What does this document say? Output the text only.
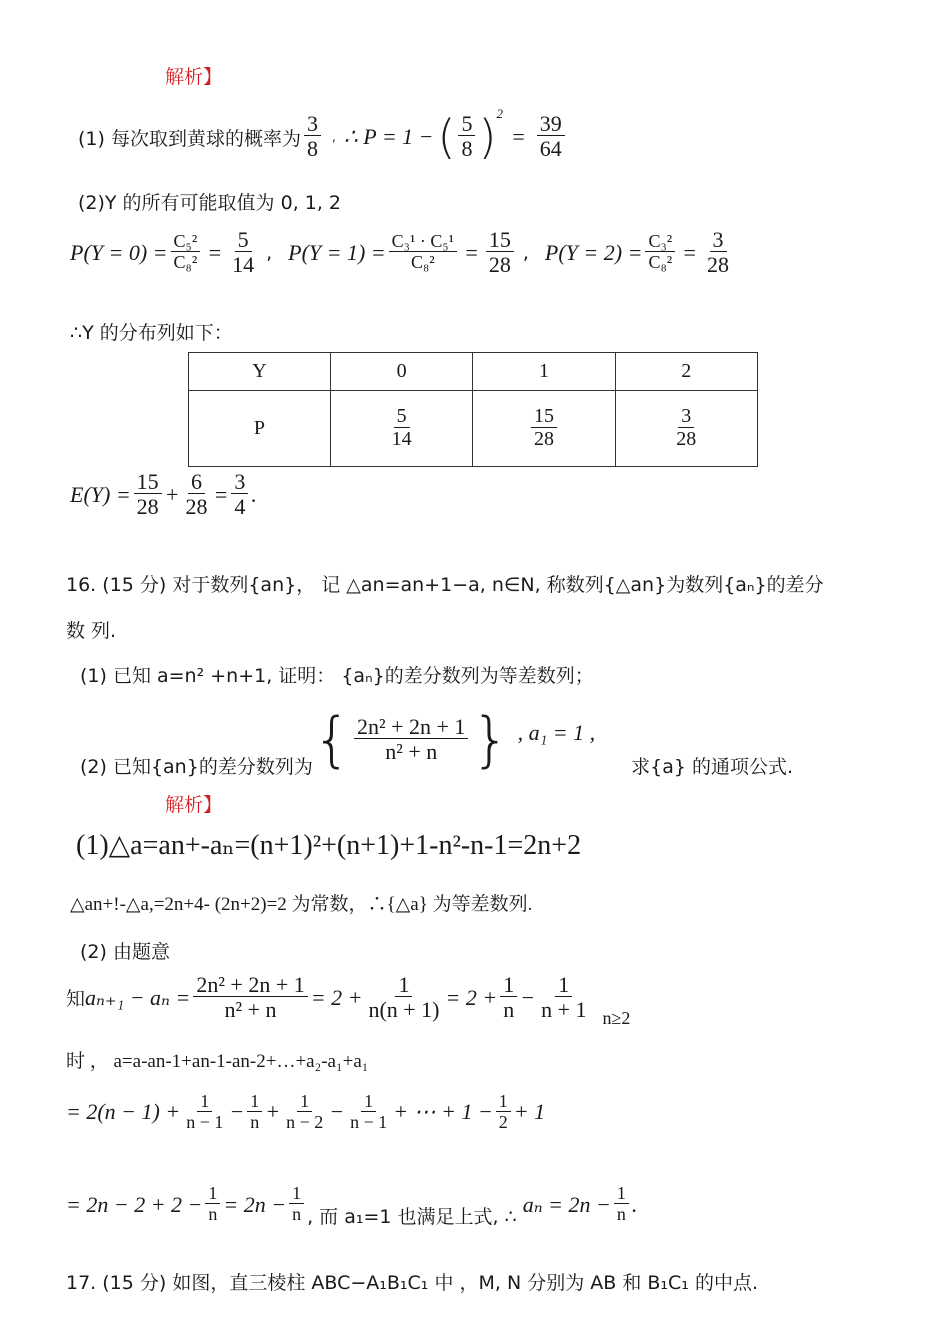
解析】
(1) 每次取到黄球的概率为 $\frac{3}{8}$ , ∴ P = 1 − ( $\frac{5}{8}$ ) 2
= $\frac{39}{64}$
(2)Y 的所有可能取值为 0, 1, 2
$P(Y = 0) = \frac{\text{C₅²}}{\text{C₈²}} = \frac{5}{14}$ , $P(Y = 1) = \frac{\text{C₃¹ · C₅¹}}{\text{C₈²}} = \frac{15}{28}$ , $P(Y = 2) = \frac{\text{C₃²}}{\text{C₈²}} = \frac{3}{28}$
∴Y 的分布列如下：
Y	0	1	2
P	$\frac{5}{14}$	$\frac{15}{28}$	$\frac{3}{28}$
$E(Y) = \frac{15}{28} + \frac{6}{28} = \frac{3}{4}$ .
16. (15 分) 对于数列{an}， 记 △an=an+1−a, n∈N, 称数列{△an}为数列{aₙ}的差分
数 列.
(1) 已知 a=n² +n+1, 证明： {aₙ}的差分数列为等差数列；
(2) 已知{an}的差分数列为 { $\frac{\text{2n² + 2n + 1}}{\text{n² + n}}$ } , a₁ = 1 ,
求{a} 的通项公式.
解析】
(1)△a=an+-aₙ=(n+1)²+(n+1)+1-n²-n-1=2n+2
△an+!-△a,=2n+4- (2n+2)=2 为常数，∴{△a} 为等差数列.
(2) 由题意
知 $a_{n+1} - a_n = \frac{\text{2n² + 2n + 1}}{\text{n² + n}} = 2 + \frac{1}{n(n + 1)} = 2 + \frac{1}{n} - \frac{1}{n + 1} n\ge 2$
时 ， a=a-an-1+an-1-an-2+…+a₂-a₁+a₁
= $2(n - 1) + \frac{1}{n - 1} - \frac{1}{n} + \frac{1}{n - 2} - \frac{1}{n - 1}$ + ⋯ + $1 - \frac{1}{2} + 1$
= $2n - 2 + 2 - \frac{1}{n} = 2n - \frac{1}{n}$ , 而 a₁=1 也满足上式, ∴
$a_n = 2n - \frac{1}{n}$ .
17. (15 分) 如图，直三棱柱 ABC−A₁B₁C₁ 中 ，M, N 分别为 AB 和 B₁C₁ 的中点.
